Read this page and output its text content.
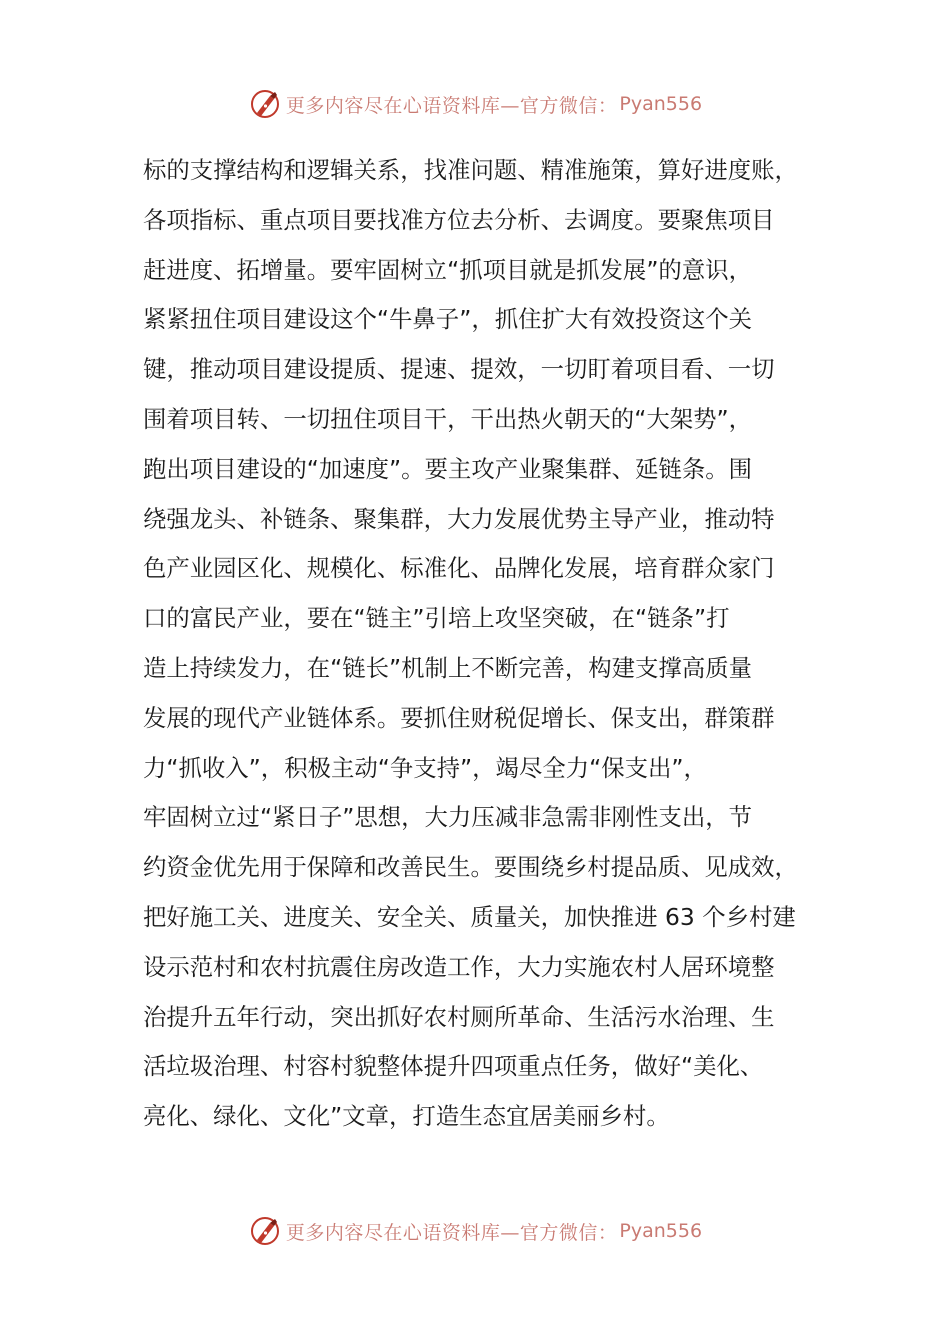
更多内容尽在心语资料库—官方微信： Pyan556
标的支撑结构和逻辑关系，找准问题、精准施策，算好进度账，
各项指标、重点项目要找准方位去分析、去调度。要聚焦项目
赶进度、拓增量。要牢固树立“抓项目就是抓发展”的意识，
紧紧扭住项目建设这个“牛鼻子”，抓住扩大有效投资这个关
键，推动项目建设提质、提速、提效，一切盯着项目看、一切
围着项目转、一切扭住项目干，干出热火朝天的“大架势”，
跑出项目建设的“加速度”。要主攻产业聚集群、延链条。围
绕强龙头、补链条、聚集群，大力发展优势主导产业，推动特
色产业园区化、规模化、标准化、品牌化发展，培育群众家门
口的富民产业，要在“链主”引培上攻坚突破，在“链条”打
造上持续发力，在“链长”机制上不断完善，构建支撑高质量
发展的现代产业链体系。要抓住财税促增长、保支出，群策群
力“抓收入”，积极主动“争支持”，竭尽全力“保支出”，
牢固树立过“紧日子”思想，大力压减非急需非刚性支出，节
约资金优先用于保障和改善民生。要围绕乡村提品质、见成效，
把好施工关、进度关、安全关、质量关，加快推进 63 个乡村建
设示范村和农村抗震住房改造工作，大力实施农村人居环境整
治提升五年行动，突出抓好农村厕所革命、生活污水治理、生
活垃圾治理、村容村貌整体提升四项重点任务，做好“美化、
亮化、绿化、文化”文章，打造生态宜居美丽乡村。
更多内容尽在心语资料库—官方微信： Pyan556
